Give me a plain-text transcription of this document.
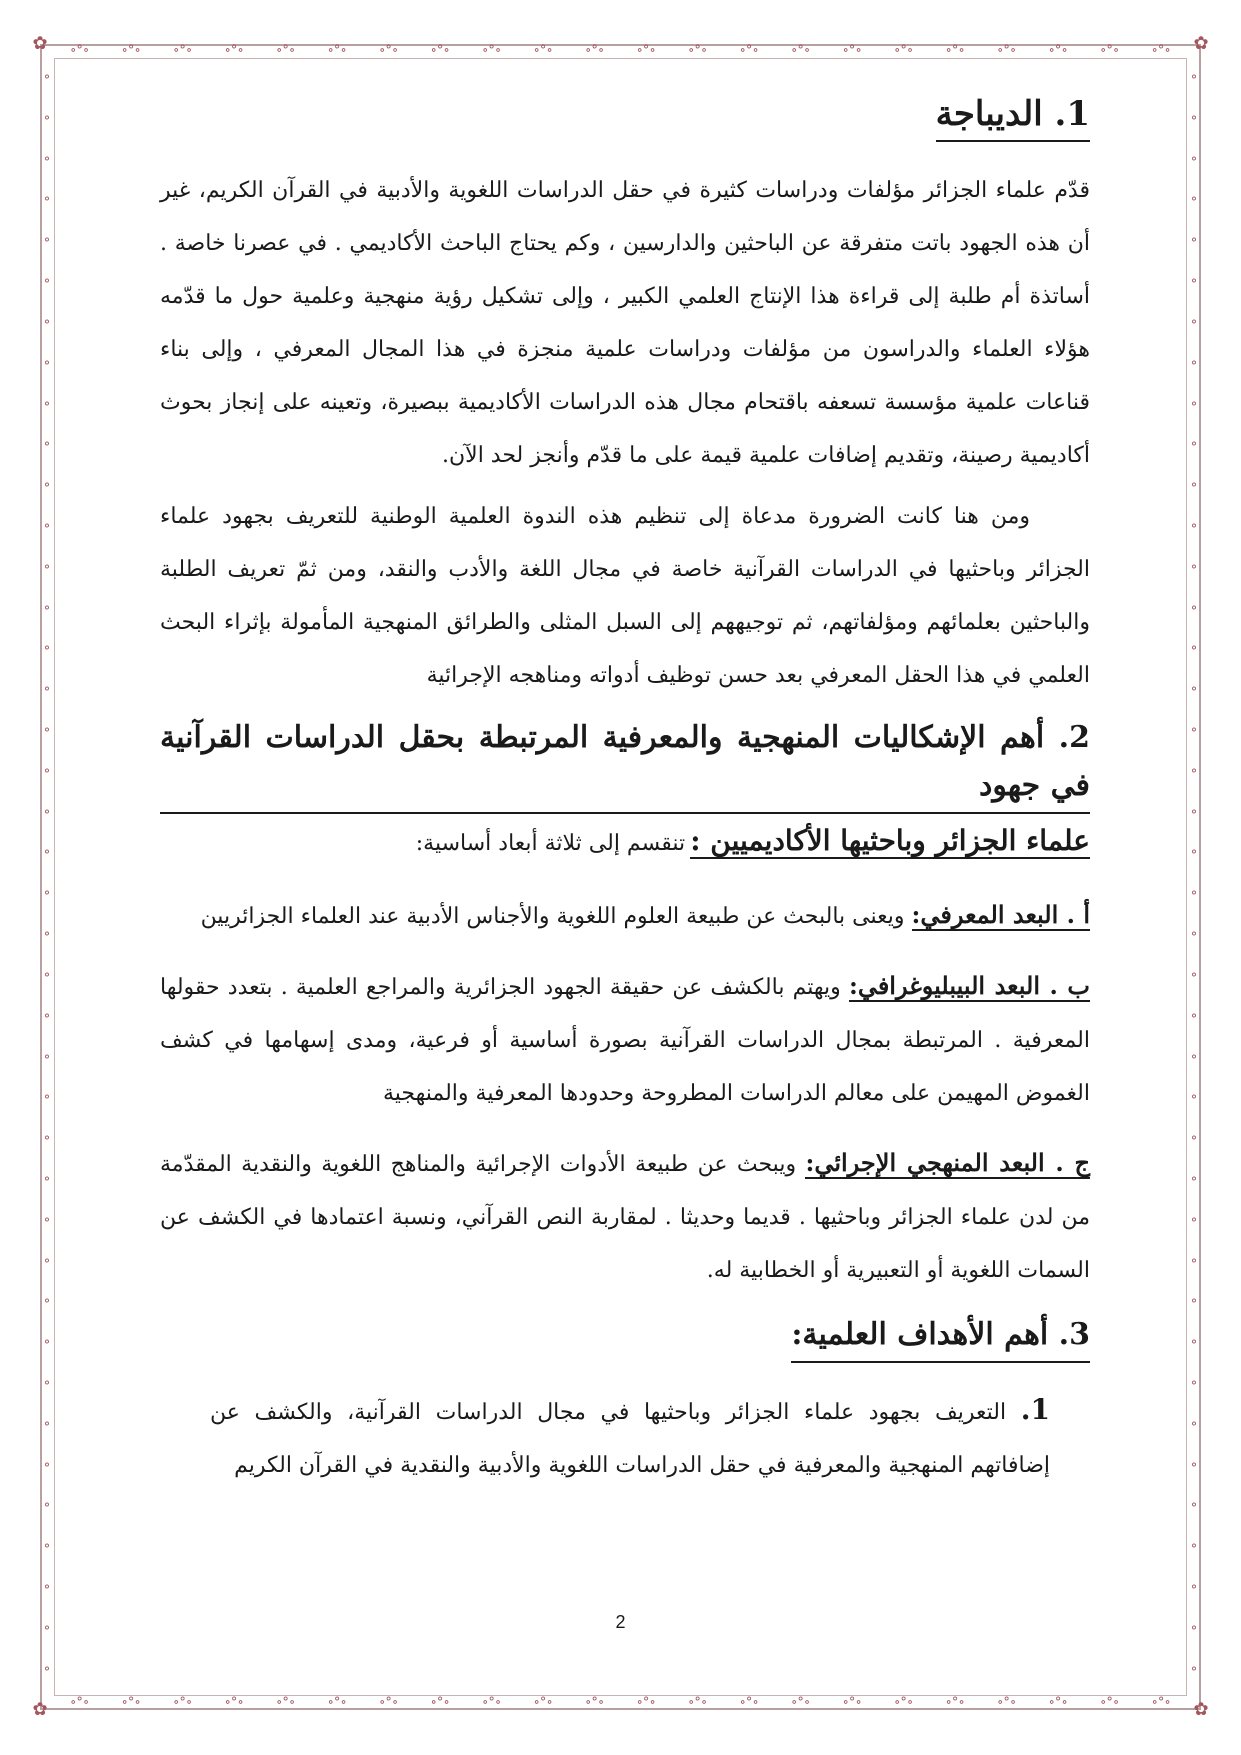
∘°∘ ∘°∘ ∘°∘ ∘°∘ ∘°∘ ∘°∘ ∘°∘ ∘°∘ ∘°∘ ∘°∘ ∘°∘ ∘°∘ ∘°∘ ∘°∘ ∘°∘ ∘°∘ ∘°∘ ∘°∘ ∘°∘ ∘°∘ ∘°∘ ∘°∘
∘°∘ ∘°∘ ∘°∘ ∘°∘ ∘°∘ ∘°∘ ∘°∘ ∘°∘ ∘°∘ ∘°∘ ∘°∘ ∘°∘ ∘°∘ ∘°∘ ∘°∘ ∘°∘ ∘°∘ ∘°∘ ∘°∘ ∘°∘ ∘°∘ ∘°∘
°
°
°
°
°
°
°
°
°
°
°
°
°
°
°
°
°
°
°
°
°
°
°
°
°
°
°
°
°
°
°
°
°
°
°
°
°
°
°
°
°
°
°
°
°
°
°
°
°
°
°
°
°
°
°
°
°
°
°
°
°
°
°
°
°
°
°
°
°
°
°
°
°
°
°
°
°
°
°
°
✿	✿
✿	✿
1. الديباجة

قدّم علماء الجزائر مؤلفات ودراسات كثيرة في حقل الدراسات اللغوية والأدبية في القرآن الكريم، غير أن هذه الجهود باتت متفرقة عن الباحثين والدارسين ، وكم يحتاج الباحث الأكاديمي . في عصرنا خاصة . أساتذة أم طلبة إلى قراءة هذا الإنتاج العلمي الكبير ، وإلى تشكيل رؤية منهجية وعلمية حول ما قدّمه هؤلاء العلماء والدراسون من مؤلفات ودراسات علمية منجزة في هذا المجال المعرفي ، وإلى بناء قناعات علمية مؤسسة تسعفه باقتحام مجال هذه الدراسات الأكاديمية ببصيرة، وتعينه على إنجاز بحوث أكاديمية رصينة، وتقديم إضافات علمية قيمة على ما قدّم وأنجز لحد الآن.

ومن هنا كانت الضرورة مدعاة إلى تنظيم هذه الندوة العلمية الوطنية للتعريف بجهود علماء الجزائر وباحثيها في الدراسات القرآنية خاصة في مجال اللغة والأدب والنقد، ومن ثمّ تعريف الطلبة والباحثين بعلمائهم ومؤلفاتهم، ثم توجيههم إلى السبل المثلى والطرائق المنهجية المأمولة بإثراء البحث العلمي في هذا الحقل المعرفي بعد حسن توظيف أدواته ومناهجه الإجرائية

2. أهم الإشكاليات المنهجية والمعرفية المرتبطة بحقل الدراسات القرآنية في جهود
علماء الجزائر وباحثيها الأكاديميين : تنقسم إلى ثلاثة أبعاد أساسية:

أ . البعد المعرفي: ويعنى بالبحث عن طبيعة العلوم اللغوية والأجناس الأدبية عند العلماء الجزائريين

ب . البعد البيبليوغرافي: ويهتم بالكشف عن حقيقة الجهود الجزائرية والمراجع العلمية . بتعدد حقولها المعرفية . المرتبطة بمجال الدراسات القرآنية بصورة أساسية أو فرعية، ومدى إسهامها في كشف الغموض المهيمن على معالم الدراسات المطروحة وحدودها المعرفية والمنهجية

ج . البعد المنهجي الإجرائي: ويبحث عن طبيعة الأدوات الإجرائية والمناهج اللغوية والنقدية المقدّمة من لدن علماء الجزائر وباحثيها . قديما وحديثا . لمقاربة النص القرآني، ونسبة اعتمادها في الكشف عن السمات اللغوية أو التعبيرية أو الخطابية له.

3. أهم الأهداف العلمية:

1. التعريف بجهود علماء الجزائر وباحثيها في مجال الدراسات القرآنية، والكشف عن إضافاتهم المنهجية والمعرفية في حقل الدراسات اللغوية والأدبية والنقدية في القرآن الكريم

2
